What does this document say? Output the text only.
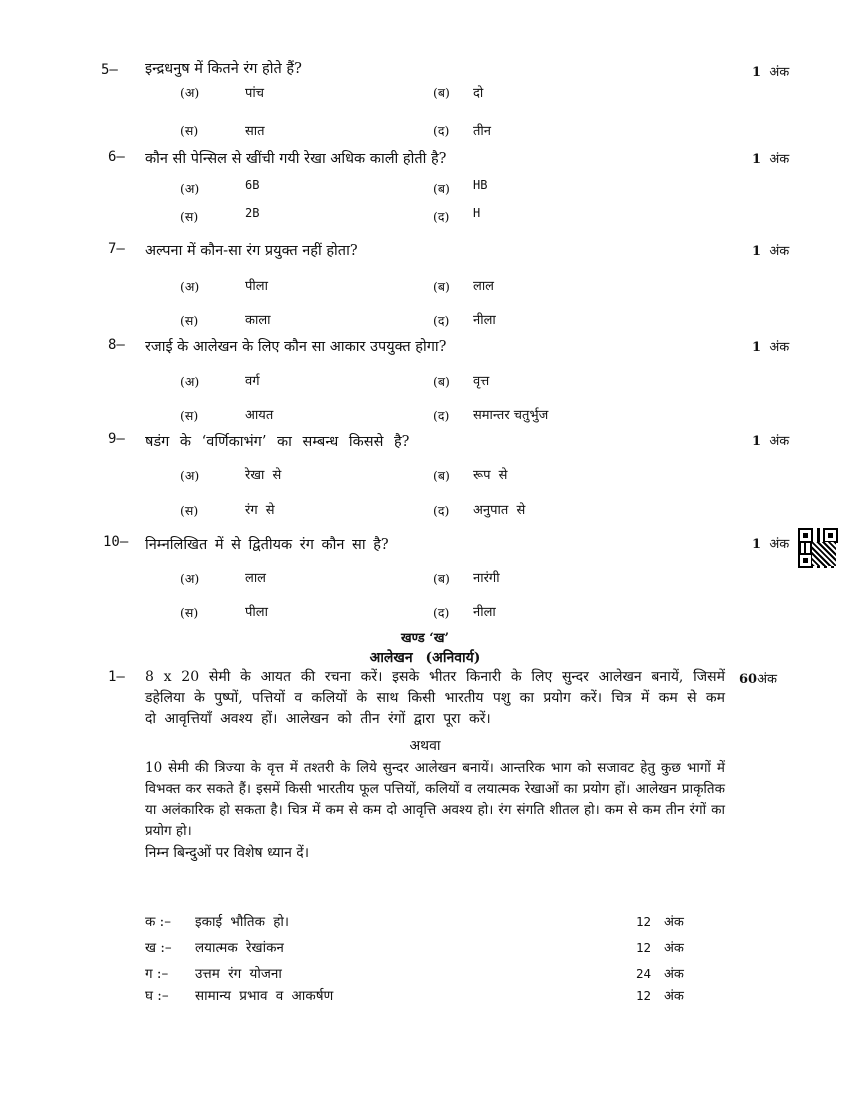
5– इन्द्रधनुष में कितने रंग होते हैं?	1 अंक
(अ)	पांच	(ब) दो
(स)	सात	(द) तीन
6– कौन सी पेन्सिल से खींची गयी रेखा अधिक काली होती है?	1 अंक
(अ)	6B	(ब) HB
(स)	2B	(द) H
7– अल्पना में कौन-सा रंग प्रयुक्त नहीं होता?	1 अंक
(अ)	पीला	(ब) लाल
(स)	काला	(द) नीला
8– रजाई के आलेखन के लिए कौन सा आकार उपयुक्त होगा?	1 अंक
(अ)	वर्ग	(ब) वृत्त
(स)	आयत	(द) समान्तर चतुर्भुज
9– षडंग के ‘वर्णिकाभंग’ का सम्बन्ध किससे है?	1 अंक
(अ)	रेखा से	(ब) रूप से
(स)	रंग से	(द) अनुपात से
10– निम्नलिखित में से द्वितीयक रंग कौन सा है?	1 अंक
(अ)	लाल	(ब) नारंगी
(स)	पीला	(द) नीला
खण्ड ‘ख’
आलेखन (अनिवार्य)
1–	60अंक
8 x 20 सेमी के आयत की रचना करें। इसके भीतर किनारी के लिए सुन्दर आलेखन बनायें, जिसमें डहेलिया के पुष्पों, पत्तियों व कलियों के साथ किसी भारतीय पशु का प्रयोग करें। चित्र में कम से कम दो आवृत्तियाँ अवश्य हों। आलेखन को तीन रंगों द्वारा पूरा करें।
अथवा
10 सेमी की त्रिज्या के वृत्त में तश्तरी के लिये सुन्दर आलेखन बनायें। आन्तरिक भाग को सजावट हेतु कुछ भागों में विभक्त कर सकते हैं। इसमें किसी भारतीय फूल पत्तियों, कलियों व लयात्मक रेखाओं का प्रयोग हों। आलेखन प्राकृतिक या अलंकारिक हो सकता है। चित्र में कम से कम दो आवृत्ति अवश्य हो। रंग संगति शीतल हो। कम से कम तीन रंगों का प्रयोग हो।
निम्न बिन्दुओं पर विशेष ध्यान दें।
क :– इकाई भौतिक हो।	12 अंक
ख :– लयात्मक रेखांकन	12 अंक
ग :– उत्तम रंग योजना	24 अंक
घ :– सामान्य प्रभाव व आकर्षण	12 अंक
